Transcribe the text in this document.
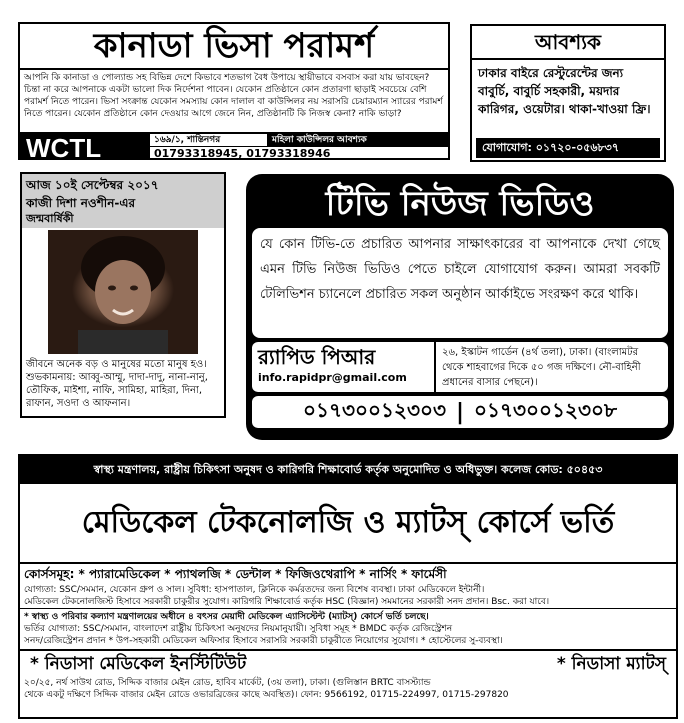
কানাডা ভিসা পরামর্শ
আপনি কি কানাডা ও পোল্যান্ড সহ বিভিন্ন দেশে কিভাবে শতভাগ বৈধ উপায়ে স্থায়ীভাবে বসবাস করা যায় ভাবছেন? চিন্তা না করে আপনাকে একটা ভালো দিক নির্দেশনা পাবেন। যেকোন প্রতিষ্ঠানে কোন প্রতারণা ছাড়াই সবচেয়ে বেশি পরামর্শ নিতে পারেন। ভিসা সংক্রান্ত যেকোন সমস্যায় কোন দালাল বা কাউন্সিলর নয় সরাসরি চেয়ারম্যান স্যারের পরামর্শ নিতে পারেন। যেকোন প্রতিষ্ঠানে কোন দেওয়ার আগে জেনে নিন, প্রতিষ্ঠানটি কি নিজস্ব কেনা? নাকি ভাড়া?
WCTL	১৬৯/১, শান্তিনগর	মহিলা কাউন্সিলর আবশ্যক
01793318945, 01793318946
আবশ্যক
ঢাকার বাইরে রেস্টুরেন্টের জন্য বাবুর্চি, বাবুর্চি সহকারী, ময়দার কারিগর, ওয়েটার। থাকা-খাওয়া ফ্রি।
যোগাযোগ: ০১৭২০-০৫৬৮৩৭
আজ ১০ই সেপ্টেম্বর ২০১৭
কাজী দিশা নওশীন-এর
জন্মবার্ষিকী
জীবনে অনেক বড় ও মানুষের মতো মানুষ হও। শুভকামনায়: আব্বু-আম্মু, দাদা-দাদু, নানা-নানু, তৌফিক, মাইশা, নাফি, সামিহা, মাহিরা, দিনা, রাফান, সওদা ও আফনান।
টিভি নিউজ ভিডিও
যে কোন টিভি-তে প্রচারিত আপনার সাক্ষাৎকারের বা আপনাকে দেখা গেছে এমন টিভি নিউজ ভিডিও পেতে চাইলে যোগাযোগ করুন। আমরা সবকটি টেলিভিশন চ্যানেলে প্রচারিত সকল অনুষ্ঠান আর্কাইভে সংরক্ষণ করে থাকি।
র‍্যাপিড পিআর
info.rapidpr@gmail.com
২৬, ইস্কাটন গার্ডেন (৪র্থ তলা), ঢাকা। (বাংলামটর থেকে শাহবাগের দিকে ৫০ গজ দক্ষিণে। নৌ-বাহিনী প্রধানের বাসার পেছনে)।
০১৭৩০০১২৩০৩ | ০১৭৩০০১২৩০৮
স্বাস্থ্য মন্ত্রণালয়, রাষ্ট্রীয় চিকিৎসা অনুষদ ও কারিগরি শিক্ষাবোর্ড কর্তৃক অনুমোদিত ও অধিভুক্ত। কলেজ কোড: ৫০৪৫৩
মেডিকেল টেকনোলজি ও ম্যাটস্ কোর্সে ভর্তি
কোর্সসমূহ: * প্যারামেডিকেল * প্যাথলজি * ডেন্টাল * ফিজিওথেরাপি * নার্সিং * ফার্মেসী
যোগ্যতা: SSC/সমমান, যেকোন গ্রুপ ও সাল। সুবিধা: হাসপাতাল, ক্লিনিকে কর্মরতদের জন্য বিশেষ ব্যবস্থা। ঢাকা মেডিকেলে ইন্টার্নী।
মেডিকেল টেকনোলজিস্ট হিসাবে সরকারী চাকুরীর সুযোগ। কারিগরি শিক্ষাবোর্ড কর্তৃক HSC (বিজ্ঞান) সমমানের সরকারী সনদ প্রদান। Bsc. করা যাবে।
* স্বাস্থ্য ও পরিবার কল্যাণ মন্ত্রণালয়ের অধীনে ৪ বৎসর মেয়াদী মেডিকেল এ্যাসিস্টেন্ট (ম্যাটস্) কোর্সে ভর্তি চলছে।
ভর্তির যোগ্যতা: SSC/সমমান, বাংলাদেশ রাষ্ট্রীয় চিকিৎসা অনুষদের নিয়মানুযায়ী। সুবিধা সমূহ * BMDC কর্তৃক রেজিস্ট্রেশন
সনদ/রেজিস্ট্রেশন প্রদান * উপ-সহকারী মেডিকেল অফিসার হিসাবে সরাসরি সরকারী চাকুরীতে নিয়োগের সুযোগ। * হোস্টেলের সু-ব্যবস্থা।
* নিডাসা মেডিকেল ইনস্টিটিউট	* নিডাসা ম্যাটস্
২০/২৫, নর্থ সাউথ রোড, সিদ্দিক বাজার মেইন রোড, হাবিব মার্কেট, (৩য় তলা), ঢাকা। (গুলিস্তান BRTC বাসস্ট্যান্ড
থেকে একটু দক্ষিণে সিদ্দিক বাজার মেইন রোডে ওভারব্রিজের কাছে অবস্থিত)। ফোন: 9566192, 01715-224997, 01715-297820
